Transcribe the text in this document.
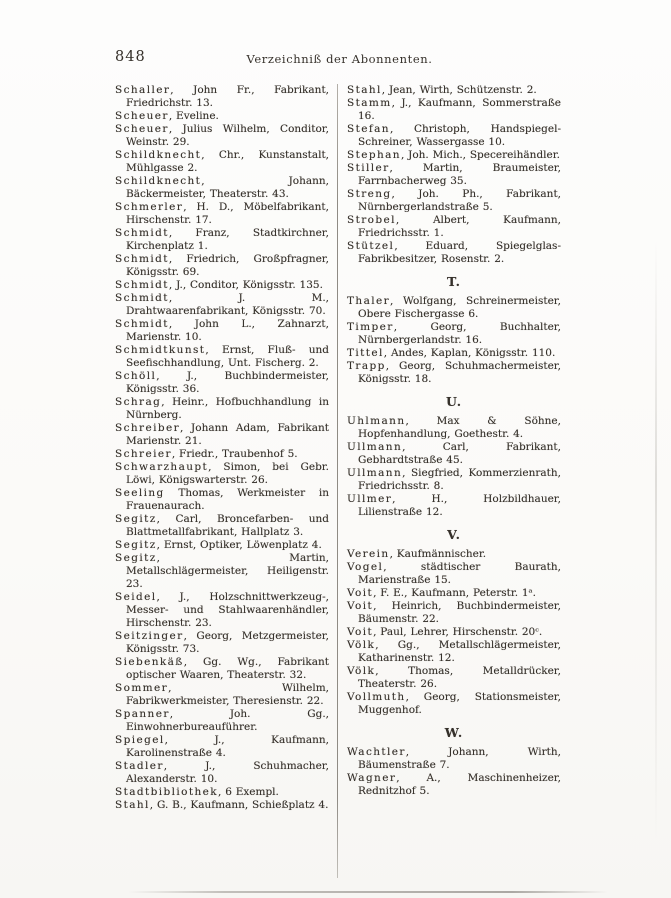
848	Verzeichniß der Abonnenten.

Schaller, John Fr., Fabrikant, Friedrichstr. 13.

Scheuer, Eveline.

Scheuer, Julius Wilhelm, Conditor, Weinstr. 29.

Schildknecht, Chr., Kunstanstalt, Mühlgasse 2.

Schildknecht, Johann, Bäckermeister, Theaterstr. 43.

Schmerler, H. D., Möbelfabrikant, Hirschenstr. 17.

Schmidt, Franz, Stadtkirchner, Kirchenplatz 1.

Schmidt, Friedrich, Großpfragner, Königsstr. 69.

Schmidt, J., Conditor, Königsstr. 135.

Schmidt, J. M., Drahtwaarenfabrikant, Königsstr. 70.

Schmidt, John L., Zahnarzt, Marienstr. 10.

Schmidtkunst, Ernst, Fluß- und Seefischhandlung, Unt. Fischerg. 2.

Schöll, J., Buchbindermeister, Königsstr. 36.

Schrag, Heinr., Hofbuchhandlung in Nürnberg.

Schreiber, Johann Adam, Fabrikant Marienstr. 21.

Schreier, Friedr., Traubenhof 5.

Schwarzhaupt, Simon, bei Gebr. Löwi, Königswarterstr. 26.

Seeling Thomas, Werkmeister in Frauenaurach.

Segitz, Carl, Broncefarben- und Blattmetallfabrikant, Hallplatz 3.

Segitz, Ernst, Optiker, Löwenplatz 4.

Segitz, Martin, Metallschlägermeister, Heiligenstr. 23.

Seidel, J., Holzschnittwerkzeug-, Messer- und Stahlwaarenhändler, Hirschenstr. 23.

Seitzinger, Georg, Metzgermeister, Königsstr. 73.

Siebenkäß, Gg. Wg., Fabrikant optischer Waaren, Theaterstr. 32.

Sommer, Wilhelm, Fabrikwerkmeister, Theresienstr. 22.

Spanner, Joh. Gg., Einwohnerbureauführer.

Spiegel, J., Kaufmann, Karolinenstraße 4.

Stadler, J., Schuhmacher, Alexanderstr. 10.

Stadtbibliothek, 6 Exempl.

Stahl, G. B., Kaufmann, Schießplatz 4.

Stahl, Jean, Wirth, Schützenstr. 2.

Stamm, J., Kaufmann, Sommerstraße 16.

Stefan, Christoph, Handspiegel-Schreiner, Wassergasse 10.

Stephan, Joh. Mich., Specereihändler.

Stiller, Martin, Braumeister, Farrnbacherweg 35.

Streng, Joh. Ph., Fabrikant, Nürnbergerlandstraße 5.

Strobel, Albert, Kaufmann, Friedrichsstr. 1.

Stützel, Eduard, Spiegelglas-Fabrikbesitzer, Rosenstr. 2.

T.

Thaler, Wolfgang, Schreinermeister, Obere Fischergasse 6.

Timper, Georg, Buchhalter, Nürnbergerlandstr. 16.

Tittel, Andes, Kaplan, Königsstr. 110.

Trapp, Georg, Schuhmachermeister, Königsstr. 18.

U.

Uhlmann, Max & Söhne, Hopfenhandlung, Goethestr. 4.

Ullmann, Carl, Fabrikant, Gebhardtstraße 45.

Ullmann, Siegfried, Kommerzienrath, Friedrichsstr. 8.

Ullmer, H., Holzbildhauer, Lilienstraße 12.

V.

Verein, Kaufmännischer.

Vogel, städtischer Baurath, Marienstraße 15.

Voit, F. E., Kaufmann, Peterstr. 1ᵃ.

Voit, Heinrich, Buchbindermeister, Bäumenstr. 22.

Voit, Paul, Lehrer, Hirschenstr. 20ᶜ.

Völk, Gg., Metallschlägermeister, Katharinenstr. 12.

Völk, Thomas, Metalldrücker, Theaterstr. 26.

Vollmuth, Georg, Stationsmeister, Muggenhof.

W.

Wachtler, Johann, Wirth, Bäumenstraße 7.

Wagner, A., Maschinenheizer, Rednitzhof 5.
